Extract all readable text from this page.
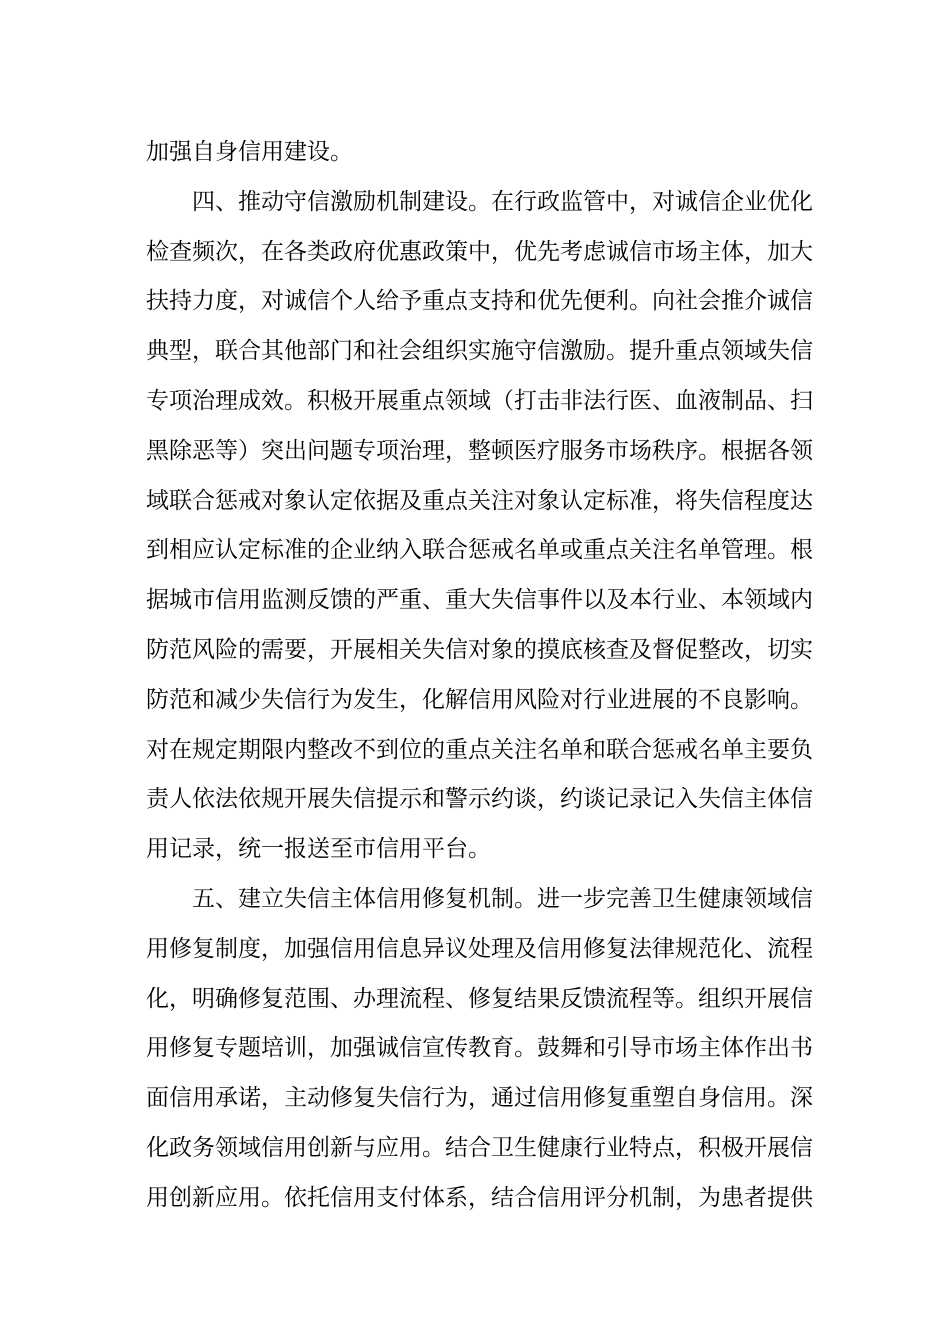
加强自身信用建设。
四、推动守信激励机制建设。在行政监管中，对诚信企业优化
检查频次，在各类政府优惠政策中，优先考虑诚信市场主体，加大
扶持力度，对诚信个人给予重点支持和优先便利。向社会推介诚信
典型，联合其他部门和社会组织实施守信激励。提升重点领域失信
专项治理成效。积极开展重点领域（打击非法行医、血液制品、扫
黑除恶等）突出问题专项治理，整顿医疗服务市场秩序。根据各领
域联合惩戒对象认定依据及重点关注对象认定标准，将失信程度达
到相应认定标准的企业纳入联合惩戒名单或重点关注名单管理。根
据城市信用监测反馈的严重、重大失信事件以及本行业、本领域内
防范风险的需要，开展相关失信对象的摸底核查及督促整改，切实
防范和减少失信行为发生，化解信用风险对行业进展的不良影响。
对在规定期限内整改不到位的重点关注名单和联合惩戒名单主要负
责人依法依规开展失信提示和警示约谈，约谈记录记入失信主体信
用记录，统一报送至市信用平台。
五、建立失信主体信用修复机制。进一步完善卫生健康领域信
用修复制度，加强信用信息异议处理及信用修复法律规范化、流程
化，明确修复范围、办理流程、修复结果反馈流程等。组织开展信
用修复专题培训，加强诚信宣传教育。鼓舞和引导市场主体作出书
面信用承诺，主动修复失信行为，通过信用修复重塑自身信用。深
化政务领域信用创新与应用。结合卫生健康行业特点，积极开展信
用创新应用。依托信用支付体系，结合信用评分机制，为患者提供
